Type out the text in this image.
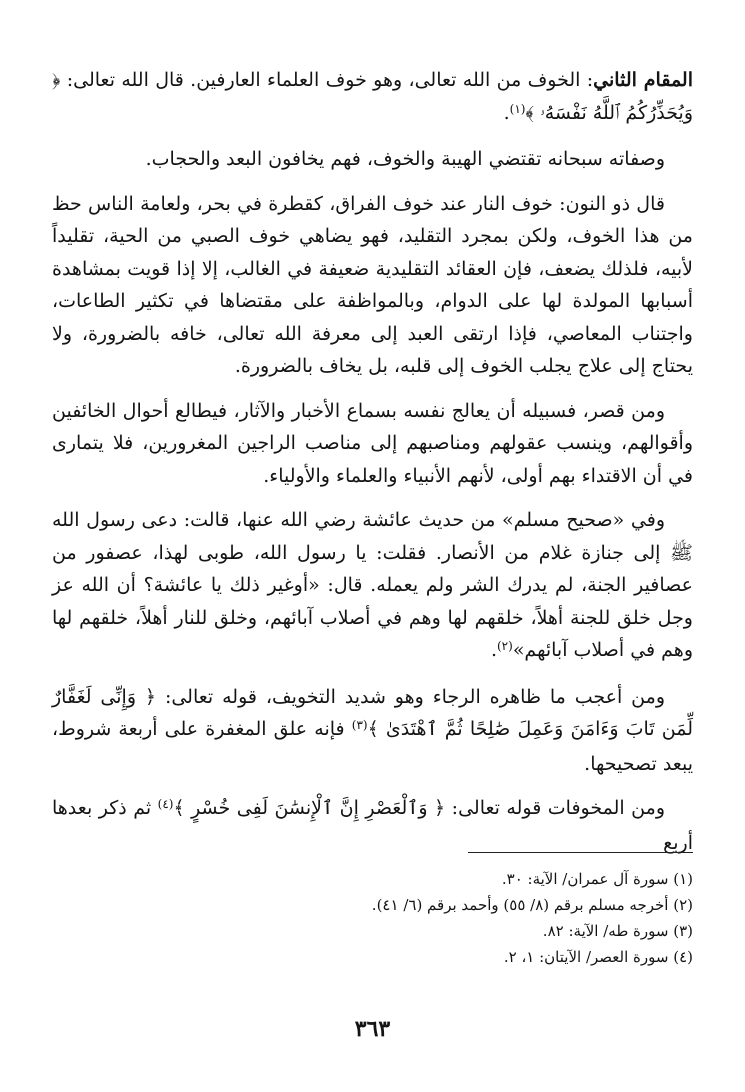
المقام الثاني: الخوف من الله تعالى، وهو خوف العلماء العارفين. قال الله تعالى: ﴿ وَيُحَذِّرُكُمُ ٱللَّهُ نَفْسَهُۥ ﴾$^{(١)}$.

وصفاته سبحانه تقتضي الهيبة والخوف، فهم يخافون البعد والحجاب.

قال ذو النون: خوف النار عند خوف الفراق، كقطرة في بحر، ولعامة الناس حظ من هذا الخوف، ولكن بمجرد التقليد، فهو يضاهي خوف الصبي من الحية، تقليداً لأبيه، فلذلك يضعف، فإن العقائد التقليدية ضعيفة في الغالب، إلا إذا قويت بمشاهدة أسبابها المولدة لها على الدوام، وبالمواظفة على مقتضاها في تكثير الطاعات، واجتناب المعاصي، فإذا ارتقى العبد إلى معرفة الله تعالى، خافه بالضرورة، ولا يحتاج إلى علاج يجلب الخوف إلى قلبه، بل يخاف بالضرورة.

ومن قصر، فسبيله أن يعالج نفسه بسماع الأخبار والآثار، فيطالع أحوال الخائفين وأقوالهم، وينسب عقولهم ومناصبهم إلى مناصب الراجين المغرورين، فلا يتمارى في أن الاقتداء بهم أولى، لأنهم الأنبياء والعلماء والأولياء.

وفي «صحيح مسلم» من حديث عائشة رضي الله عنها، قالت: دعى رسول الله ﷺ إلى جنازة غلام من الأنصار. فقلت: يا رسول الله، طوبى لهذا، عصفور من عصافير الجنة، لم يدرك الشر ولم يعمله. قال: «أوغير ذلك يا عائشة؟ أن الله عز وجل خلق للجنة أهلاً، خلقهم لها وهم في أصلاب آبائهم، وخلق للنار أهلاً، خلقهم لها وهم في أصلاب آبائهم»$^{(٢)}$.

ومن أعجب ما ظاهره الرجاء وهو شديد التخويف، قوله تعالى: ﴿ وَإِنِّى لَغَفَّارٌ لِّمَن تَابَ وَءَامَنَ وَعَمِلَ صَٰلِحًا ثُمَّ ٱهْتَدَىٰ ﴾$^{(٣)}$ فإنه علق المغفرة على أربعة شروط، يبعد تصحيحها.

ومن المخوفات قوله تعالى: ﴿ وَٱلْعَصْرِ إِنَّ ٱلْإِنسَٰنَ لَفِى خُسْرٍ ﴾$^{(٤)}$ ثم ذكر بعدها أربع

(١) سورة آل عمران/ الآية: ٣٠.

(٢) أخرجه مسلم برقم (٨/ ٥٥) وأحمد برقم (٦/ ٤١).

(٣) سورة طه/ الآية: ٨٢.

(٤) سورة العصر/ الآيتان: ١، ٢.

٣٦٣
